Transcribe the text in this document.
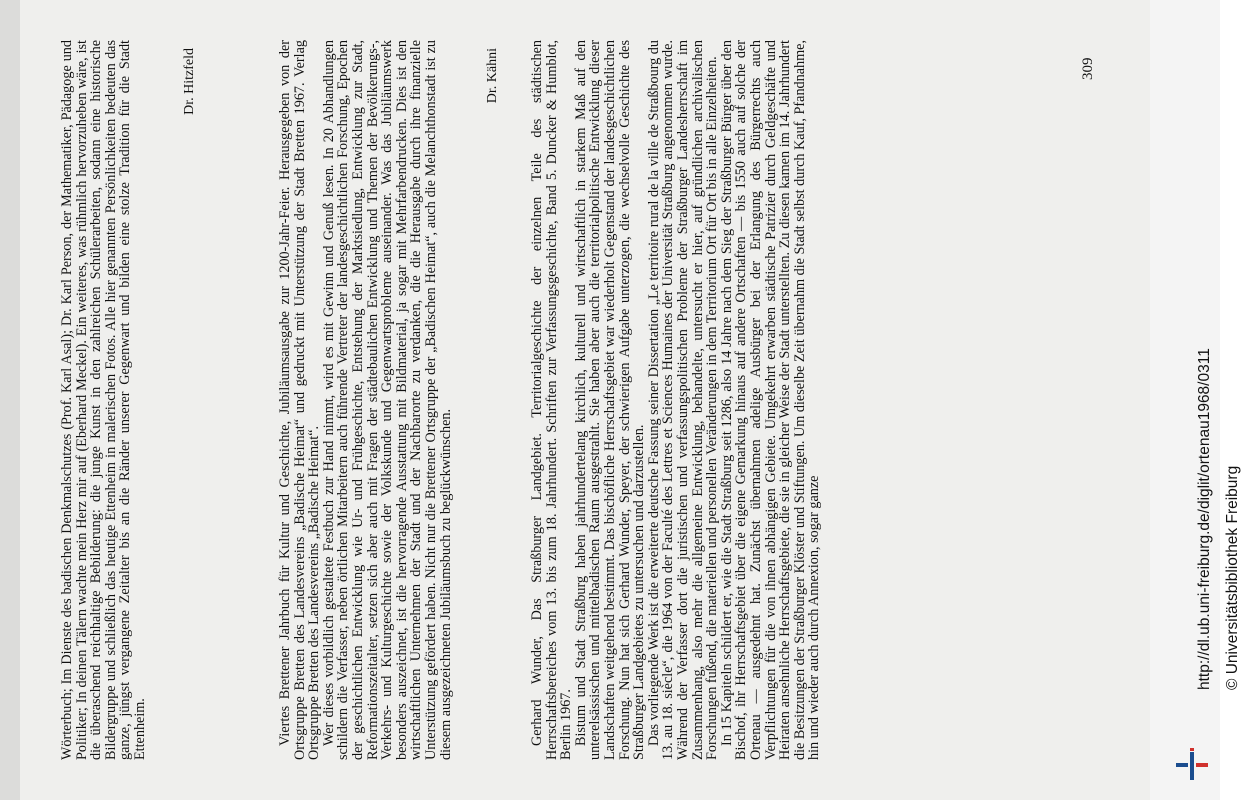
Wörterbuch; Im Dienste des badischen Denkmalschutzes (Prof. Karl Asal); Dr. Karl Person, der Mathematiker, Pädagoge und Politiker; In deinen Tälern wachte mein Herz mir auf (Eberhard Meckel). Ein weiteres, was rühmlich hervorzuheben wäre, ist die überaschend reichhaltige Bebilderung: die junge Kunst in den zahlreichen Schülerarbeiten, sodann eine historische Bildergruppe und schließlich das heutige Ettenheim in malerischen Fotos. Alle hier genannten Persönlichkeiten bedeuten das ganze, jüngst vergangene Zeitalter bis an die Ränder unserer Gegenwart und bilden eine stolze Tradition für die Stadt Ettenheim.

Dr. Hitzfeld	Viertes Brettener Jahrbuch für Kultur und Geschichte, Jubiläumsausgabe zur 1200-Jahr-Feier. Herausgegeben von der Ortsgruppe Bretten des Landesvereins „Badische Heimat“ und gedruckt mit Unterstützung der Stadt Bretten 1967. Verlag Ortsgruppe Bretten des Landesvereins „Badische Heimat“.

Wer dieses vorbildlich gestaltete Festbuch zur Hand nimmt, wird es mit Gewinn und Genuß lesen. In 20 Abhandlungen schildern die Verfasser, neben örtlichen Mitarbeitern auch führende Vertreter der landesgeschichtlichen Forschung, Epochen der geschichtlichen Entwicklung wie Ur- und Frühgeschichte, Entstehung der Marktsiedlung, Entwicklung zur Stadt, Reformationszeitalter, setzen sich aber auch mit Fragen der städtebaulichen Entwicklung und Themen der Bevölkerungs-, Verkehrs- und Kulturgeschichte sowie der Volkskunde und Gegenwartsprobleme auseinander. Was das Jubiläumswerk besonders auszeichnet, ist die hervorragende Ausstattung mit Bildmaterial, ja sogar mit Mehrfarbendrucken. Dies ist den wirtschaftlichen Unternehmen der Stadt und der Nachbarorte zu verdanken, die die Herausgabe durch ihre finanzielle Unterstützung gefördert haben. Nicht nur die Brettener Ortsgruppe der „Badischen Heimat“, auch die Melanchthonstadt ist zu diesem ausgezeichneten Jubiläumsbuch zu beglückwünschen.

Dr. Kähni Gerhard Wunder, Das Straßburger Landgebiet. Territorialgeschichte der einzelnen Teile des städtischen Herrschaftsbereiches vom 13. bis zum 18. Jahrhundert. Schriften zur Verfassungsgeschichte, Band 5. Duncker & Humblot, Berlin 1967.

Bistum und Stadt Straßburg haben jahrhundertelang kirchlich, kulturell und wirtschaftlich in starkem Maß auf den unterelsässischen und mittelbadischen Raum ausgestrahlt. Sie haben aber auch die territorialpolitische Entwicklung dieser Landschaften weitgehend bestimmt. Das bischöfliche Herrschaftsgebiet war wiederholt Gegenstand der landesgeschichtlichen Forschung. Nun hat sich Gerhard Wunder, Speyer, der schwierigen Aufgabe unterzogen, die wechselvolle Geschichte des Straßburger Landgebietes zu untersuchen und darzustellen.

Das vorliegende Werk ist die erweiterte deutsche Fassung seiner Dissertation „Le territoire rural de la ville de Straßbourg du 13. au 18. siècle“, die 1964 von der Faculté des Lettres et Sciences Humaines der Universität Straßburg angenommen wurde. Während der Verfasser dort die juristischen und verfassungspolitischen Probleme der Straßburger Landesherrschaft im Zusammenhang, also mehr die allgemeine Entwicklung, behandelte, untersucht er hier, auf gründlichen archivalischen Forschungen fußend, die materiellen und personellen Veränderungen in dem Territorium Ort für Ort bis in alle Einzelheiten.

In 15 Kapiteln schildert er, wie die Stadt Straßburg seit 1286, also 14 Jahre nach dem Sieg der Straßburger Bürger über den Bischof, ihr Herrschaftsgebiet über die eigene Gemarkung hinaus auf andere Ortschaften — bis 1550 auch auf solche der Ortenau — ausgedehnt hat. Zunächst übernahmen adelige Ausbürger bei der Erlangung des Bürgerrechts auch Verpflichtungen für die von ihnen abhängigen Gebiete. Umgekehrt erwarben städtische Patrizier durch Geldgeschäfte und Heiraten ansehnliche Herrschaftsgebiete, die sie in gleicher Weise der Stadt unterstellten. Zu diesen kamen im 14. Jahrhundert die Besitzungen der Straßburger Klöster und Stiftungen. Um dieselbe Zeit übernahm die Stadt selbst durch Kauf, Pfandnahme, hin und wieder auch durch Annexion, sogar ganze

309
http://dl.ub.uni-freiburg.de/diglit/ortenau1968/0311 © Universitätsbibliothek Freiburg
